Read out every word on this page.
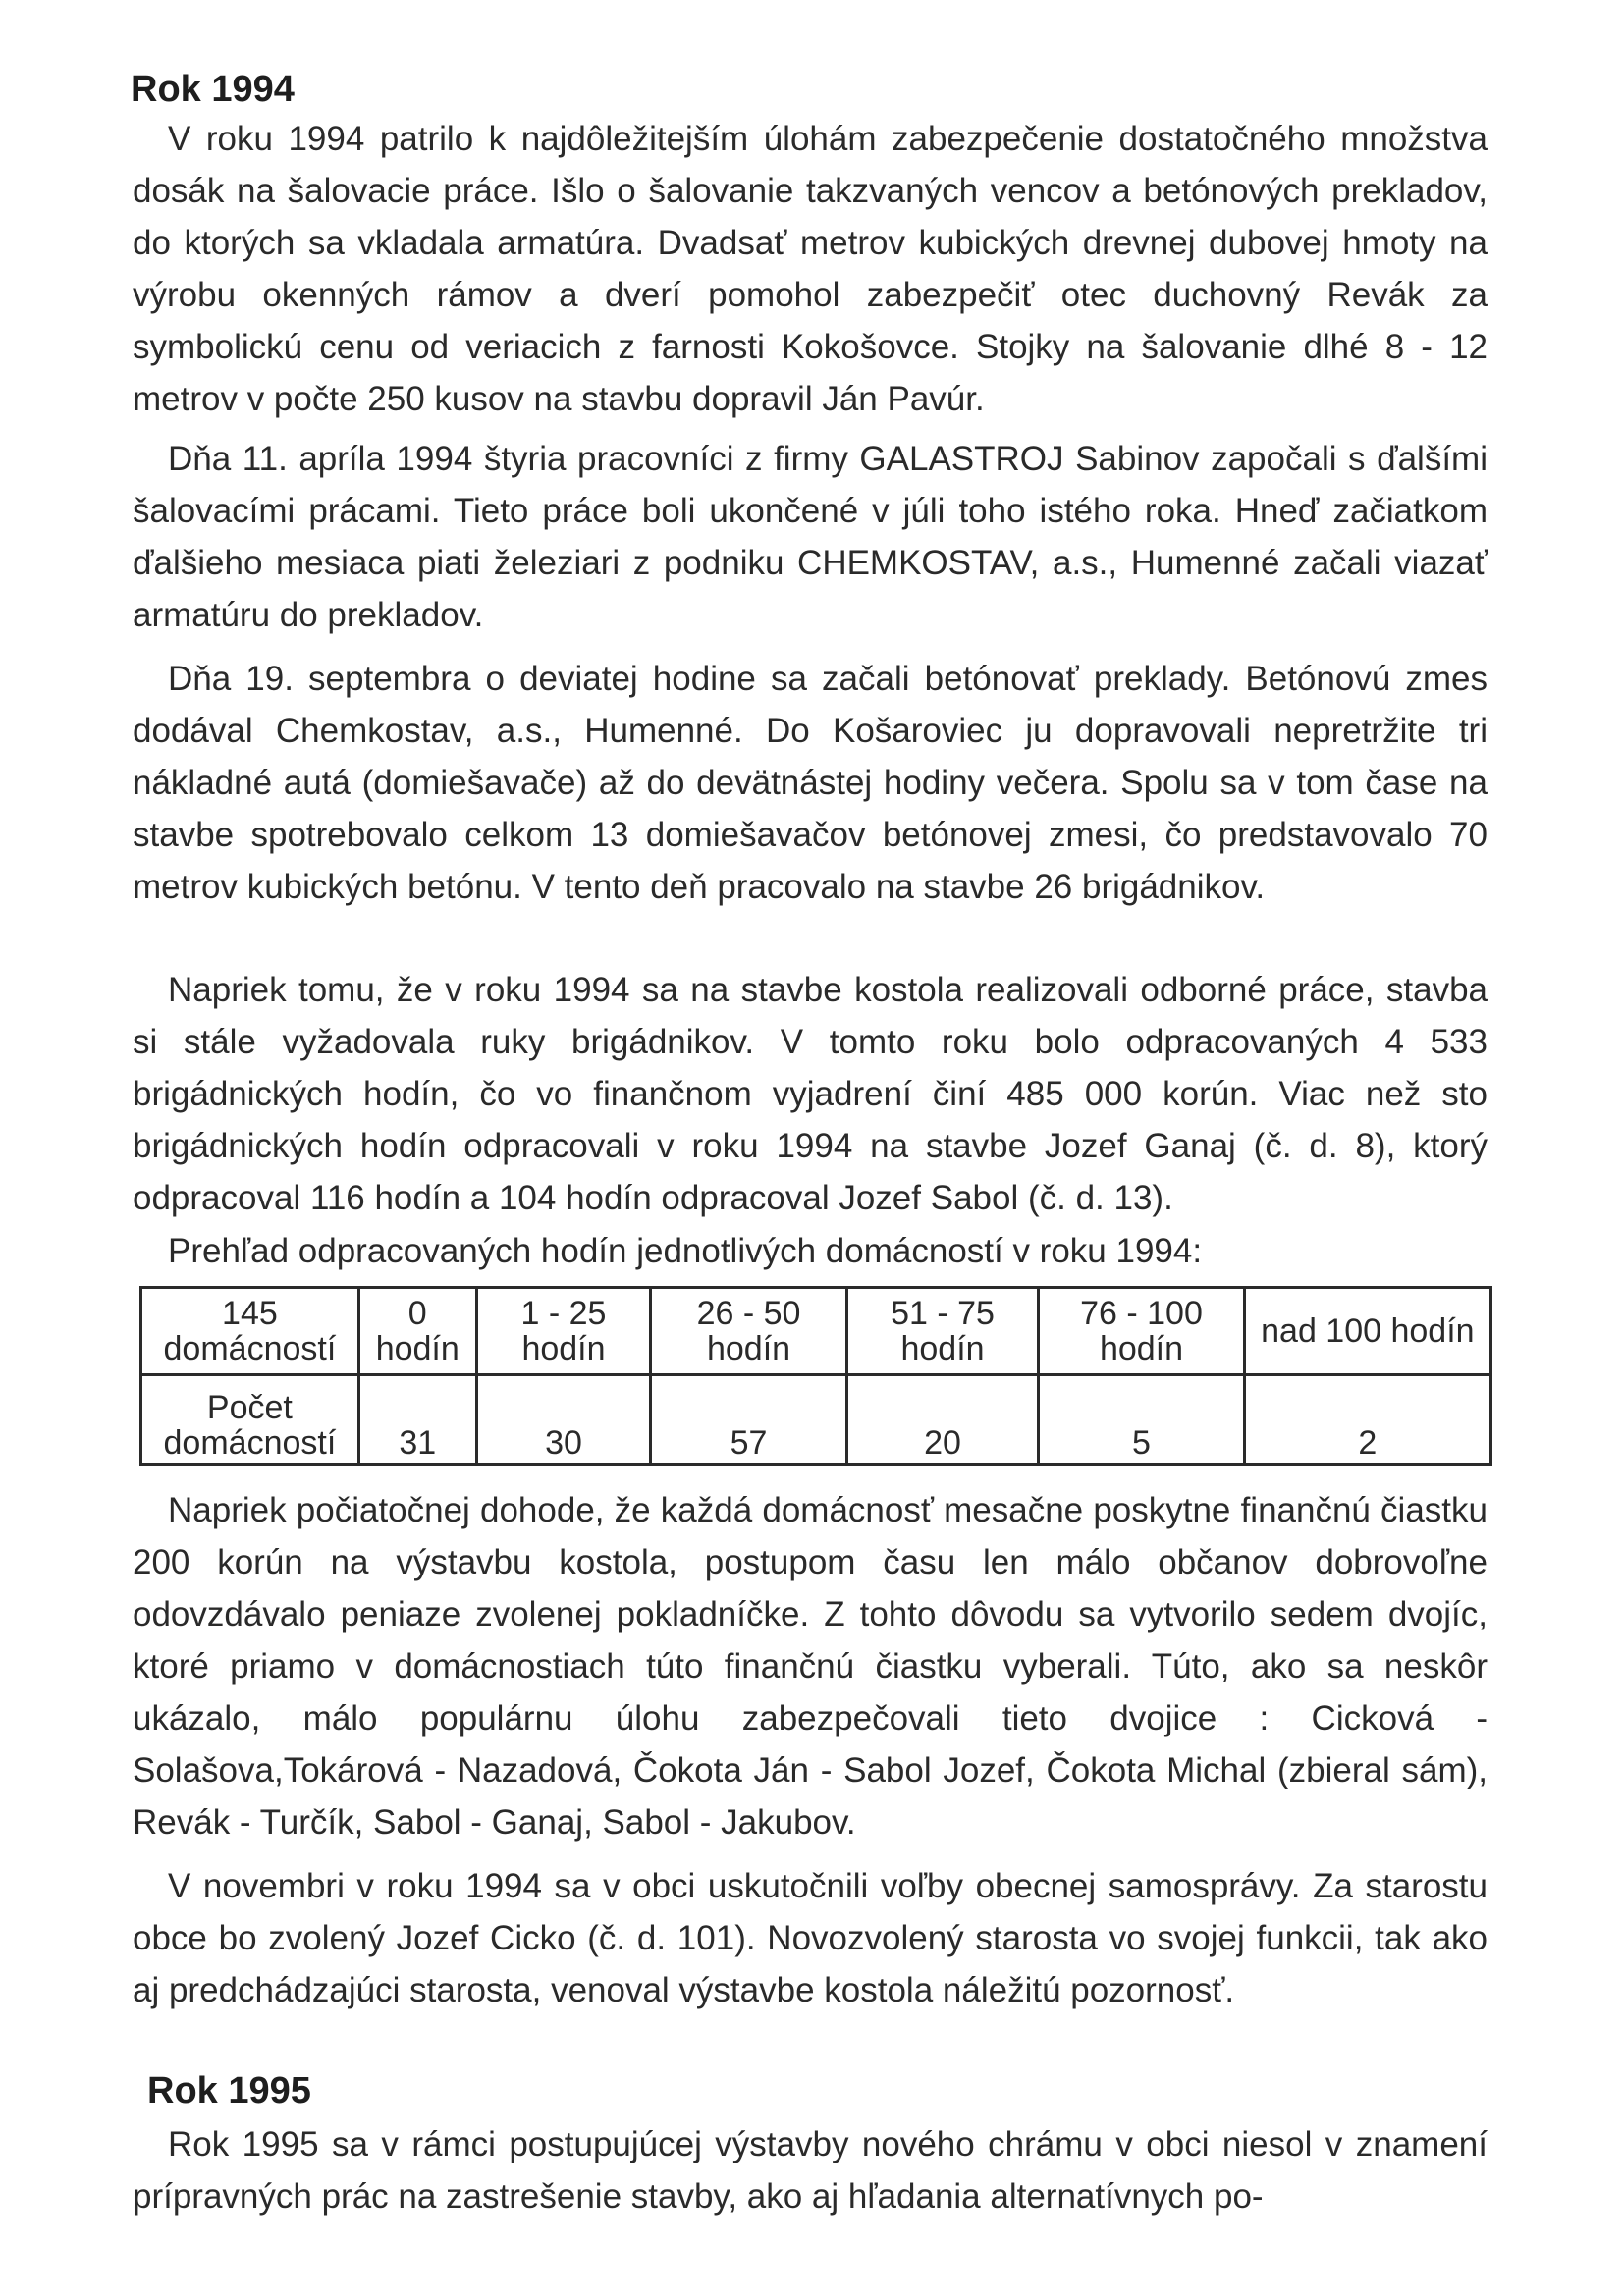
Rok 1994

V roku 1994 patrilo k najdôležitejším úlohám zabezpečenie dostatočného množstva dosák na šalovacie práce. Išlo o šalovanie takzvaných vencov a betónových prekladov, do ktorých sa vkladala armatúra. Dvadsať metrov kubických drevnej dubovej hmoty na výrobu okenných rámov a dverí pomohol zabezpečiť otec duchovný Revák za symbolickú cenu od veriacich z farnosti Kokošovce. Stojky na šalovanie dlhé 8 - 12 metrov v počte 250 kusov na stavbu dopravil Ján Pavúr.

Dňa 11. apríla 1994 štyria pracovníci z firmy GALASTROJ Sabinov započali s ďalšími šalovacími prácami. Tieto práce boli ukončené v júli toho istého roka. Hneď začiatkom ďalšieho mesiaca piati železiari z podniku CHEMKOSTAV, a.s., Humenné začali viazať armatúru do prekladov.

Dňa 19. septembra o deviatej hodine sa začali betónovať preklady. Betónovú zmes dodával Chemkostav, a.s., Humenné. Do Košaroviec ju dopravovali nepretržite tri nákladné autá (domiešavače) až do devätnástej hodiny večera. Spolu sa v tom čase na stavbe spotrebovalo celkom 13 domiešavačov betónovej zmesi, čo predstavovalo 70 metrov kubických betónu. V tento deň pracovalo na stavbe 26 brigádnikov.

Napriek tomu, že v roku 1994 sa na stavbe kostola realizovali odborné práce, stavba si stále vyžadovala ruky brigádnikov. V tomto roku bolo odpracovaných 4 533 brigádnických hodín, čo vo finančnom vyjadrení činí 485 000 korún. Viac než sto brigádnických hodín odpracovali v roku 1994 na stavbe Jozef Ganaj (č. d. 8), ktorý odpracoval 116 hodín a 104 hodín odpracoval Jozef Sabol (č. d. 13).

Prehľad odpracovaných hodín jednotlivých domácností v roku 1994:

145 domácností	0 hodín	1 - 25 hodín	26 - 50 hodín	51 - 75 hodín	76 - 100 hodín	nad 100 hodín

Počet domácností	31	30	57	20	5	2

Napriek počiatočnej dohode, že každá domácnosť mesačne poskytne finančnú čiastku 200 korún na výstavbu kostola, postupom času len málo občanov dobrovoľne odovzdávalo peniaze zvolenej pokladníčke. Z tohto dôvodu sa vytvorilo sedem dvojíc, ktoré priamo v domácnostiach túto finančnú čiastku vyberali. Túto, ako sa neskôr ukázalo, málo populárnu úlohu zabezpečovali tieto dvojice : Cicková - Solašova,Tokárová - Nazadová, Čokota Ján - Sabol Jozef, Čokota Michal (zbieral sám), Revák - Turčík, Sabol - Ganaj, Sabol - Jakubov.

V novembri v roku 1994 sa v obci uskutočnili voľby obecnej samosprávy. Za starostu obce bo zvolený Jozef Cicko (č. d. 101). Novozvolený starosta vo svojej funkcii, tak ako aj predchádzajúci starosta, venoval výstavbe kostola náležitú pozornosť.

Rok 1995

Rok 1995 sa v rámci postupujúcej výstavby nového chrámu v obci niesol v znamení prípravných prác na zastrešenie stavby, ako aj hľadania alternatívnych po-
